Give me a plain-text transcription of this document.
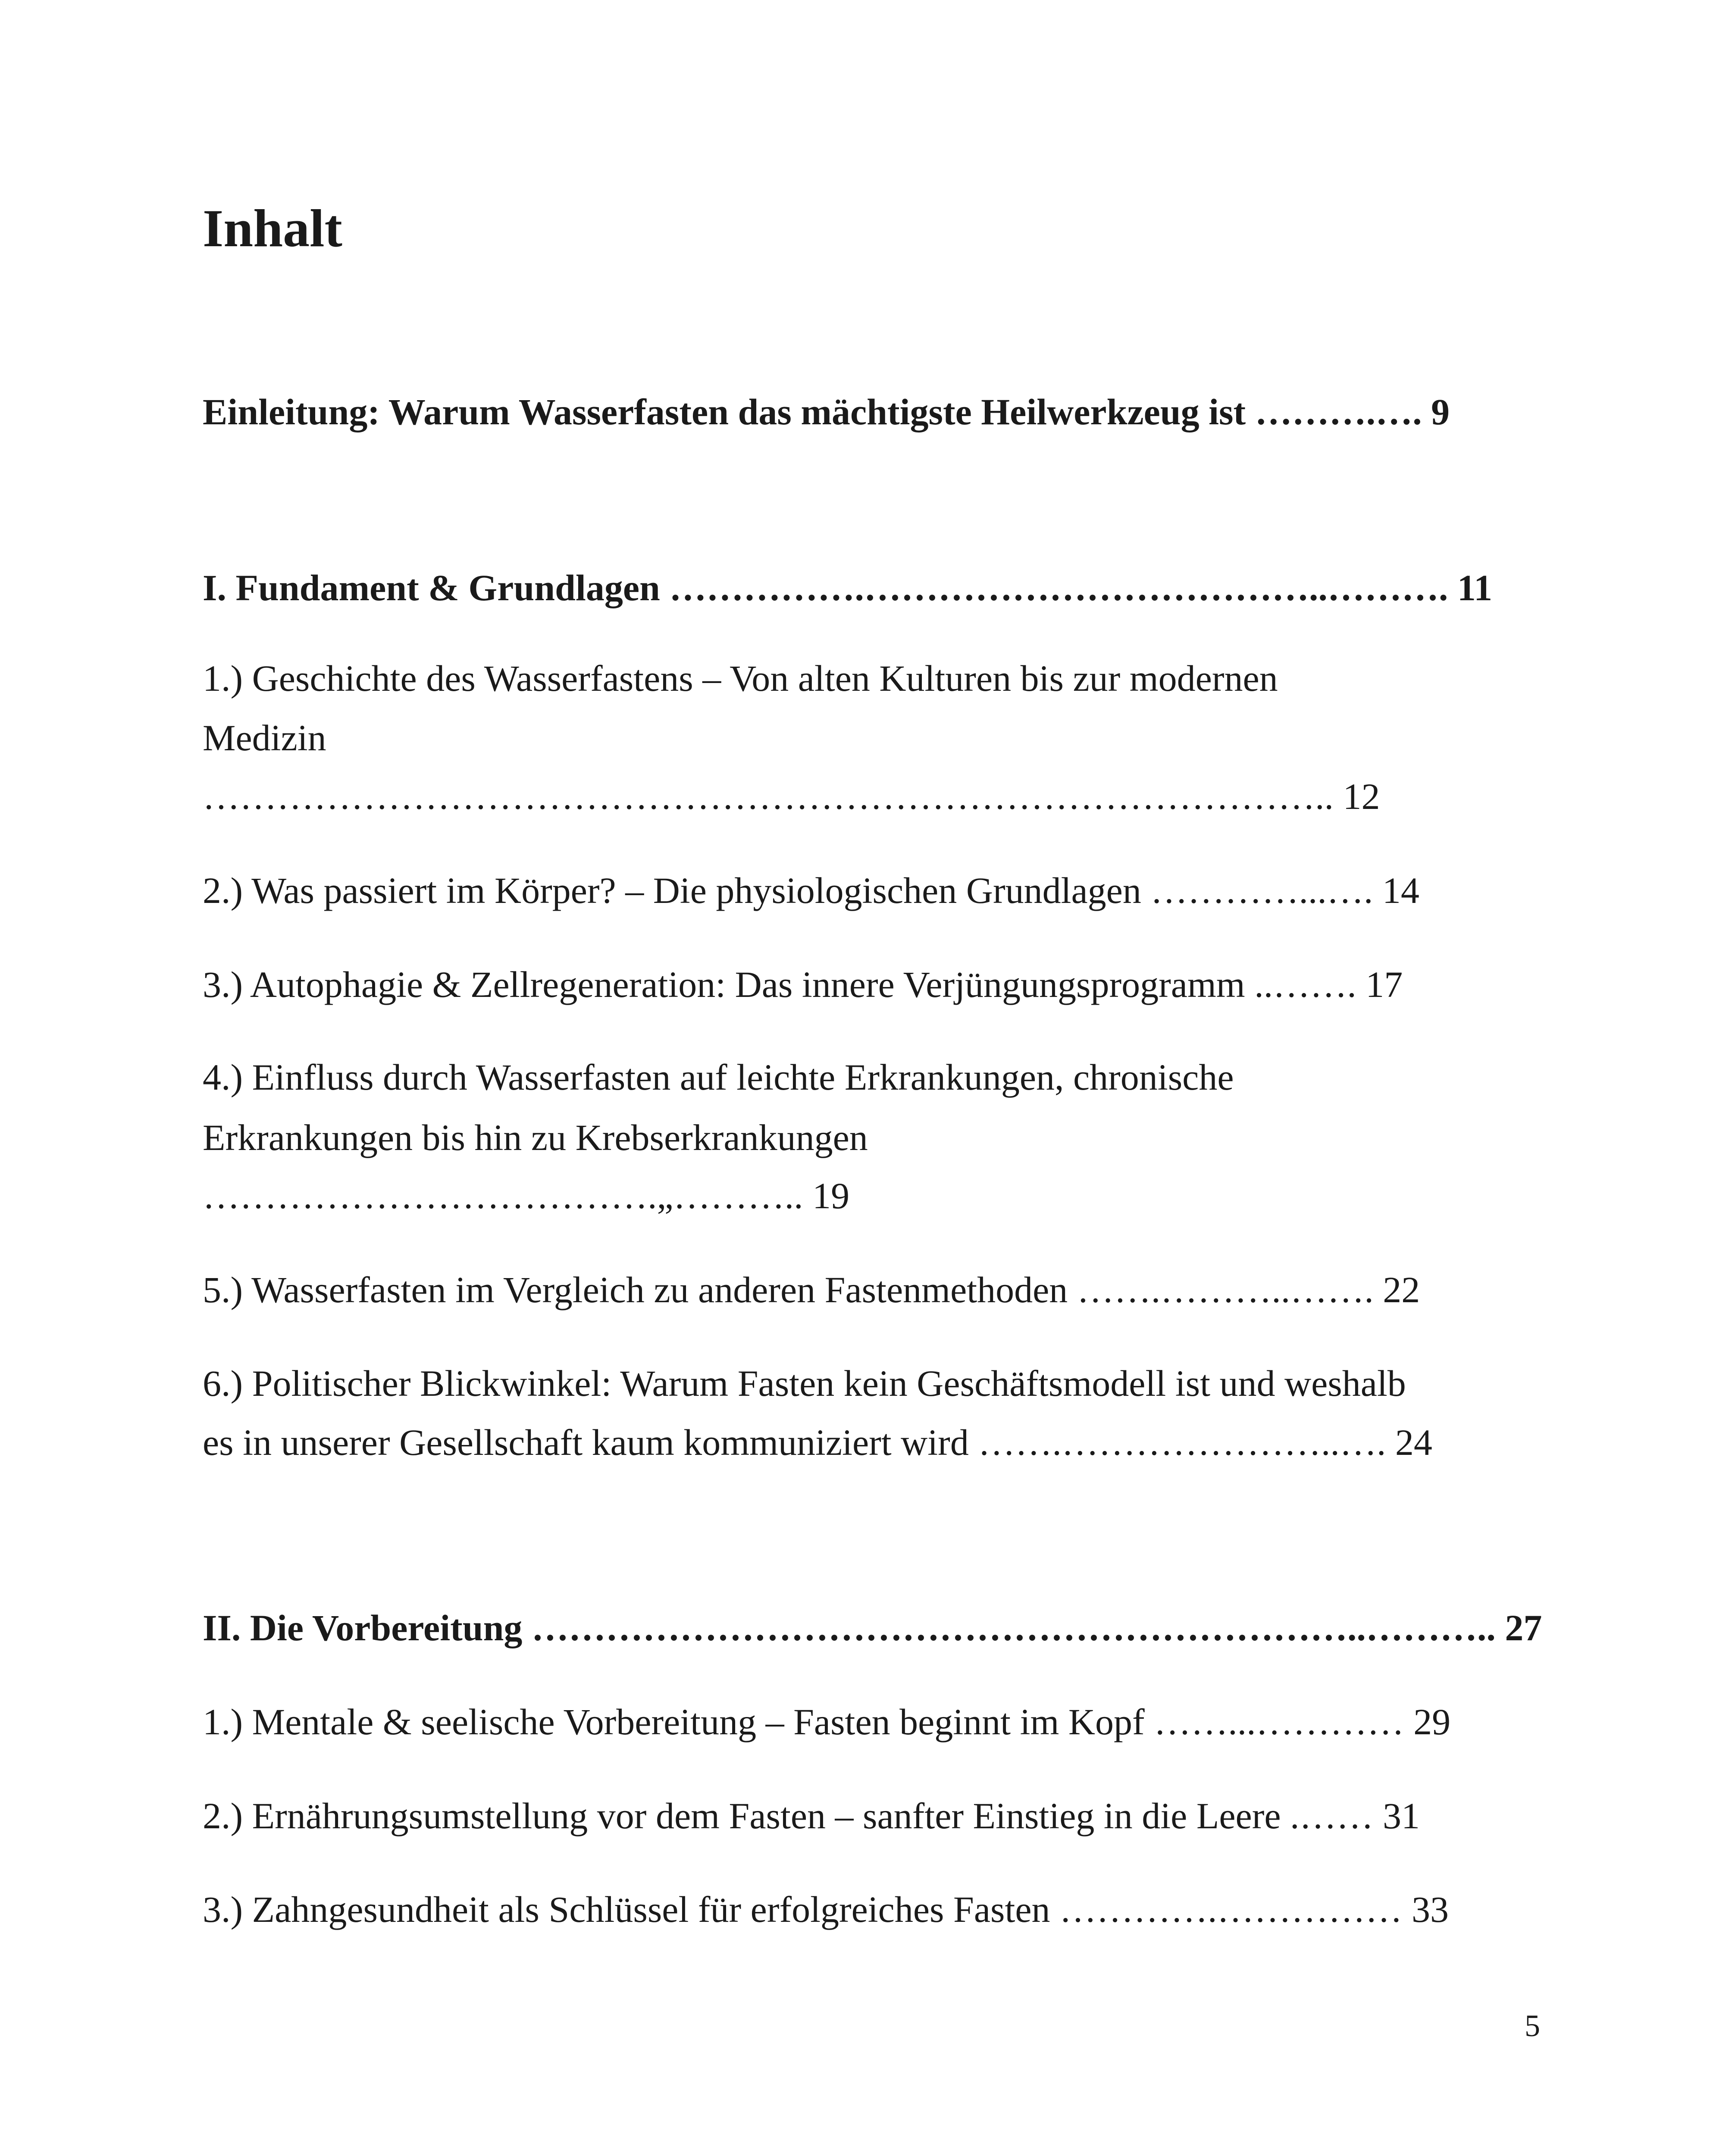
Inhalt

Einleitung: Warum Wasserfasten das mächtigste Heilwerkzeug ist ……….…. 9

I. Fundament & Grundlagen …………….………………………………..………. 11

1.) Geschichte des Wasserfastens – Von alten Kulturen bis zur modernen

Medizin

……………………………………………………………………………….. 12

2.) Was passiert im Körper? – Die physiologischen Grundlagen …………...…. 14

3.) Autophagie & Zellregeneration: Das innere Verjüngungsprogramm ..……. 17

4.) Einfluss durch Wasserfasten auf leichte Erkrankungen, chronische

Erkrankungen bis hin zu Krebserkrankungen

……………………………….„……….. 19

5.) Wasserfasten im Vergleich zu anderen Fastenmethoden …….………..……. 22

6.) Politischer Blickwinkel: Warum Fasten kein Geschäftsmodell ist und weshalb

es in unserer Gesellschaft kaum kommuniziert wird …….…………………..…. 24

II. Die Vorbereitung …………………………………………………………..……….. 27

1.) Mentale & seelische Vorbereitung – Fasten beginnt im Kopf ……...………… 29

2.) Ernährungsumstellung vor dem Fasten – sanfter Einstieg in die Leere .…… 31

3.) Zahngesundheit als Schlüssel für erfolgreiches Fasten ………….…………… 33

5
